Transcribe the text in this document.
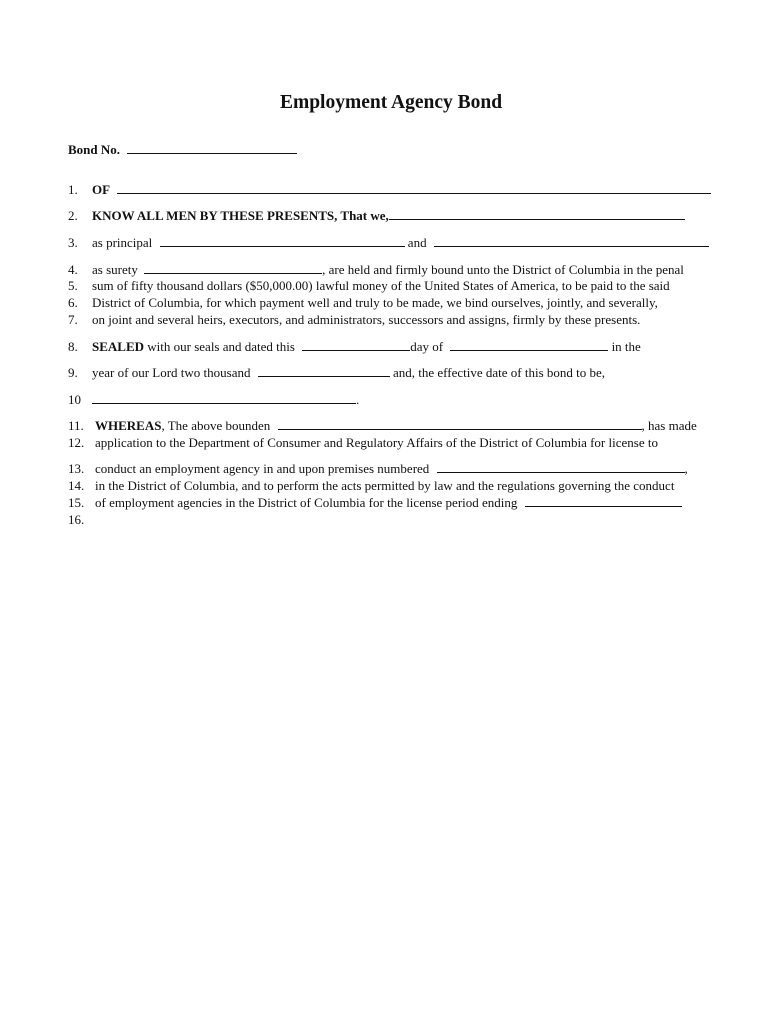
Employment Agency Bond
Bond No.
1. OF
2. KNOW ALL MEN BY THESE PRESENTS, That we,
3. as principal	and
4. as surety	, are held and firmly bound unto the District of Columbia in the penal
5. sum of fifty thousand dollars ($50,000.00) lawful money of the United States of America, to be paid to the said
6. District of Columbia, for which payment well and truly to be made, we bind ourselves, jointly, and severally,
7. on joint and several heirs, executors, and administrators, successors and assigns, firmly by these presents.
8. SEALED with our seals and dated this	day of	in the
9. year of our Lord two thousand	and, the effective date of this bond to be,
10	.
11. WHEREAS, The above bounden	, has made
12. application to the Department of Consumer and Regulatory Affairs of the District of Columbia for license to
13. conduct an employment agency in and upon premises numbered	,
14. in the District of Columbia, and to perform the acts permitted by law and the regulations governing the conduct
15. of employment agencies in the District of Columbia for the license period ending
16.
